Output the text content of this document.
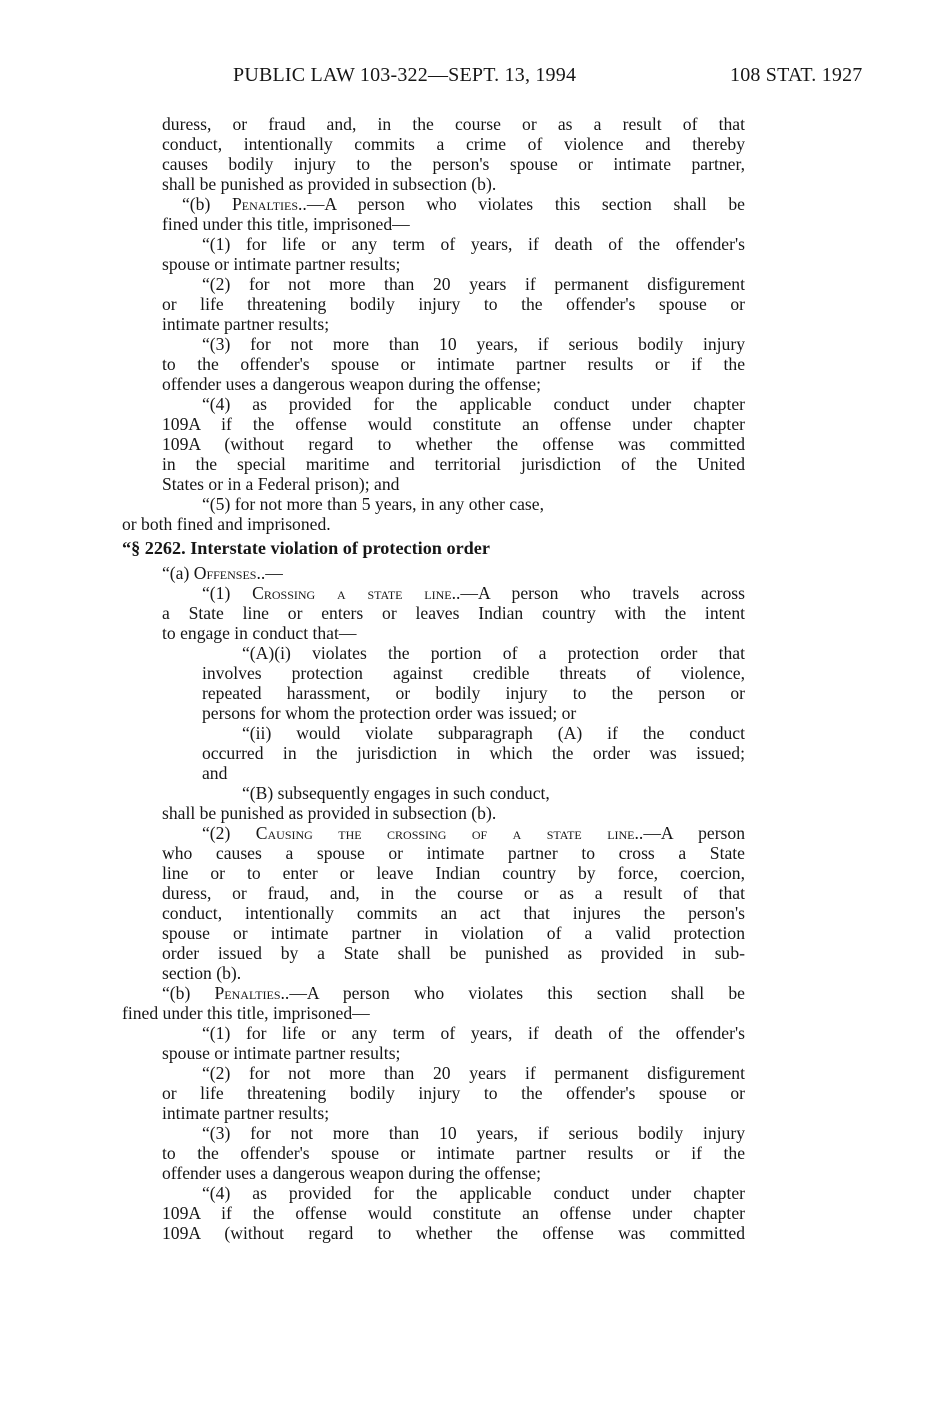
PUBLIC LAW 103-322—SEPT. 13, 1994	108 STAT. 1927
duress, or fraud and, in the course or as a result of that
conduct, intentionally commits a crime of violence and thereby
causes bodily injury to the person's spouse or intimate partner,
shall be punished as provided in subsection (b).
“(b) Penalties..—A person who violates this section shall be
fined under this title, imprisoned—
“(1) for life or any term of years, if death of the offender's
spouse or intimate partner results;
“(2) for not more than 20 years if permanent disfigurement
or life threatening bodily injury to the offender's spouse or
intimate partner results;
“(3) for not more than 10 years, if serious bodily injury
to the offender's spouse or intimate partner results or if the
offender uses a dangerous weapon during the offense;
“(4) as provided for the applicable conduct under chapter
109A if the offense would constitute an offense under chapter
109A (without regard to whether the offense was committed
in the special maritime and territorial jurisdiction of the United
States or in a Federal prison); and
“(5) for not more than 5 years, in any other case,
or both fined and imprisoned.
“§ 2262. Interstate violation of protection order
“(a) Offenses..—
“(1) Crossing a state line..—A person who travels across
a State line or enters or leaves Indian country with the intent
to engage in conduct that—
“(A)(i) violates the portion of a protection order that
involves protection against credible threats of violence,
repeated harassment, or bodily injury to the person or
persons for whom the protection order was issued; or
“(ii) would violate subparagraph (A) if the conduct
occurred in the jurisdiction in which the order was issued;
and
“(B) subsequently engages in such conduct,
shall be punished as provided in subsection (b).
“(2) Causing the crossing of a state line..—A person
who causes a spouse or intimate partner to cross a State
line or to enter or leave Indian country by force, coercion,
duress, or fraud, and, in the course or as a result of that
conduct, intentionally commits an act that injures the person's
spouse or intimate partner in violation of a valid protection
order issued by a State shall be punished as provided in sub-
section (b).
“(b) Penalties..—A person who violates this section shall be
fined under this title, imprisoned—
“(1) for life or any term of years, if death of the offender's
spouse or intimate partner results;
“(2) for not more than 20 years if permanent disfigurement
or life threatening bodily injury to the offender's spouse or
intimate partner results;
“(3) for not more than 10 years, if serious bodily injury
to the offender's spouse or intimate partner results or if the
offender uses a dangerous weapon during the offense;
“(4) as provided for the applicable conduct under chapter
109A if the offense would constitute an offense under chapter
109A (without regard to whether the offense was committed
